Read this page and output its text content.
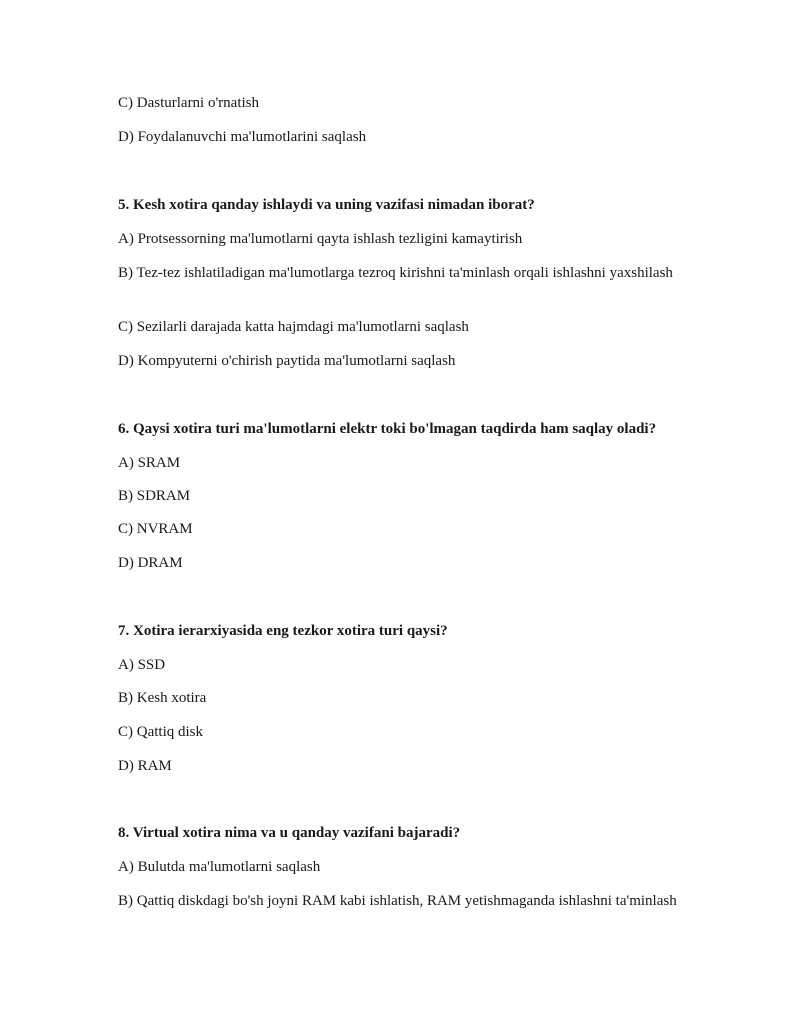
C) Dasturlarni o'rnatish

D) Foydalanuvchi ma'lumotlarini saqlash

5. Kesh xotira qanday ishlaydi va uning vazifasi nimadan iborat?

A) Protsessorning ma'lumotlarni qayta ishlash tezligini kamaytirish

B) Tez-tez ishlatiladigan ma'lumotlarga tezroq kirishni ta'minlash orqali ishlashni yaxshilash

C) Sezilarli darajada katta hajmdagi ma'lumotlarni saqlash

D) Kompyuterni o'chirish paytida ma'lumotlarni saqlash

6. Qaysi xotira turi ma'lumotlarni elektr toki bo'lmagan taqdirda ham saqlay oladi?

A) SRAM

B) SDRAM

C) NVRAM

D) DRAM

7. Xotira ierarxiyasida eng tezkor xotira turi qaysi?

A) SSD

B) Kesh xotira

C) Qattiq disk

D) RAM

8. Virtual xotira nima va u qanday vazifani bajaradi?

A) Bulutda ma'lumotlarni saqlash

B) Qattiq diskdagi bo'sh joyni RAM kabi ishlatish, RAM yetishmaganda ishlashni ta'minlash
